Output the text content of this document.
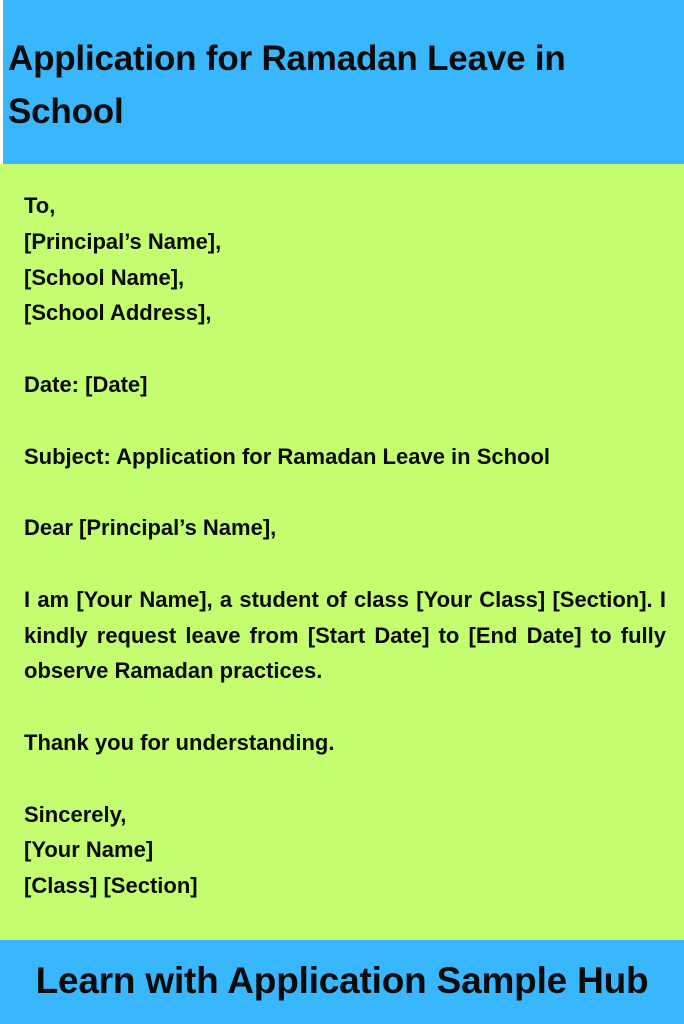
Application for Ramadan Leave in School
To,
[Principal’s Name],
[School Name],
[School Address],
Date: [Date]
Subject: Application for Ramadan Leave in School
Dear [Principal’s Name],
I am [Your Name], a student of class [Your Class] [Section]. I kindly request leave from [Start Date] to [End Date] to fully observe Ramadan practices.
Thank you for understanding.
Sincerely,
[Your Name]
[Class] [Section]
Learn with Application Sample Hub
